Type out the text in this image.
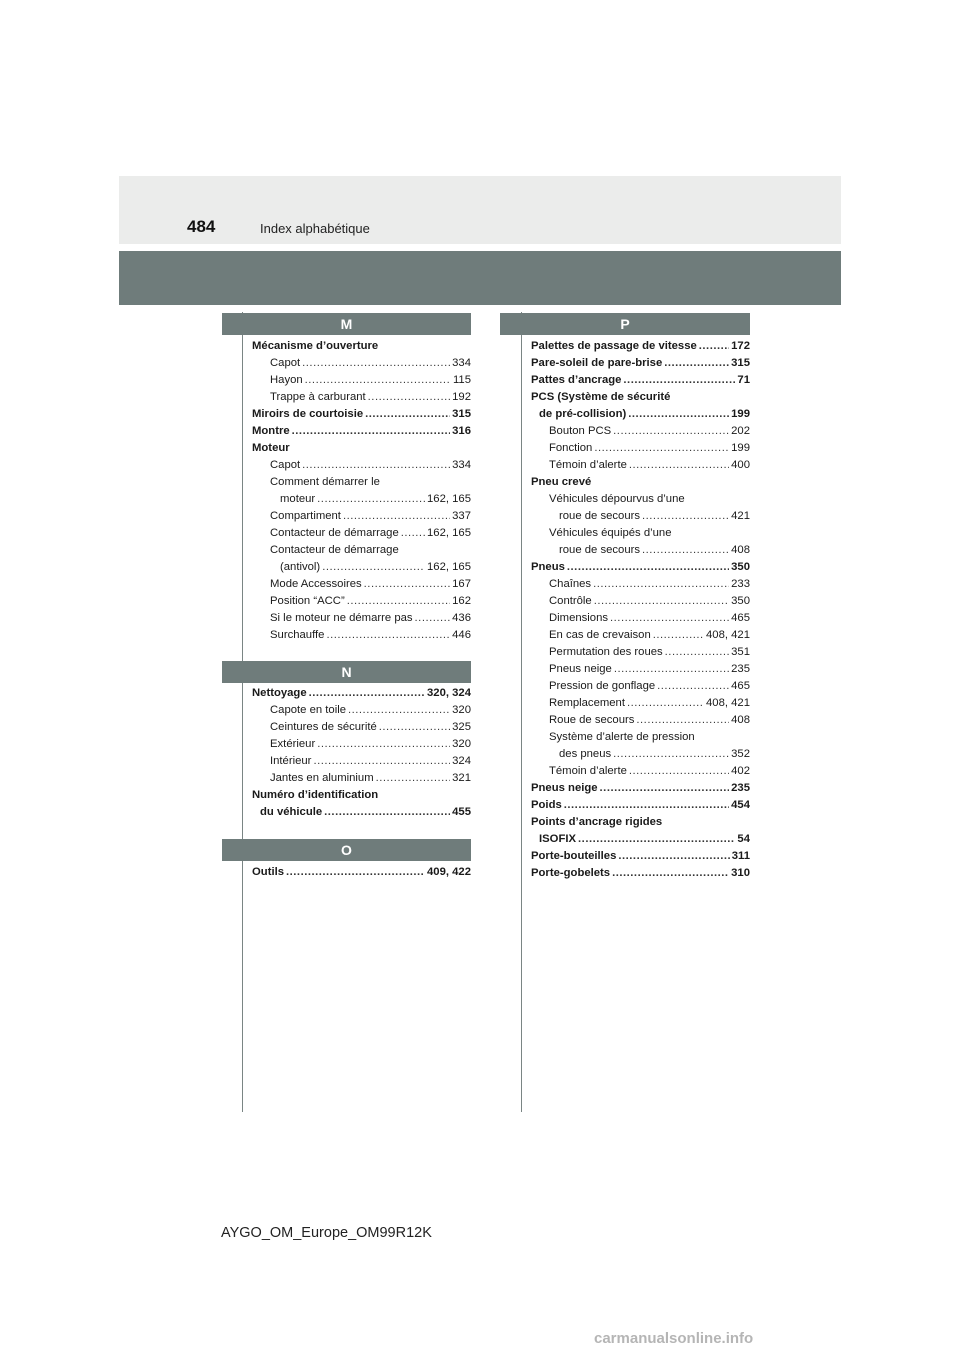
484	Index alphabétique
M
Mécanisme d’ouverture
Capot .....	334
Hayon .....	115
Trappe à carburant .....	192
Miroirs de courtoisie .....	315
Montre .....	316
Moteur
Capot .....	334
Comment démarrer le
moteur .....	162, 165
Compartiment .....	337
Contacteur de démarrage .....	162, 165
Contacteur de démarrage
(antivol) .....	162, 165
Mode Accessoires .....	167
Position “ACC” .....	162
Si le moteur ne démarre pas .....	436
Surchauffe .....	446
N
Nettoyage .....	320, 324
Capote en toile .....	320
Ceintures de sécurité .....	325
Extérieur .....	320
Intérieur .....	324
Jantes en aluminium .....	321
Numéro d’identification
du véhicule .....	455
O
Outils .....	409, 422
P
Palettes de passage de vitesse .....	172
Pare-soleil de pare-brise .....	315
Pattes d’ancrage .....	71
PCS (Système de sécurité
de pré-collision) .....	199
Bouton PCS .....	202
Fonction .....	199
Témoin d’alerte .....	400
Pneu crevé
Véhicules dépourvus d’une
roue de secours .....	421
Véhicules équipés d’une
roue de secours .....	408
Pneus .....	350
Chaînes .....	233
Contrôle .....	350
Dimensions .....	465
En cas de crevaison .....	408, 421
Permutation des roues .....	351
Pneus neige .....	235
Pression de gonflage .....	465
Remplacement .....	408, 421
Roue de secours .....	408
Système d’alerte de pression
des pneus .....	352
Témoin d’alerte .....	402
Pneus neige .....	235
Poids .....	454
Points d’ancrage rigides
ISOFIX .....	54
Porte-bouteilles .....	311
Porte-gobelets .....	310
AYGO_OM_Europe_OM99R12K
carmanualsonline.info
